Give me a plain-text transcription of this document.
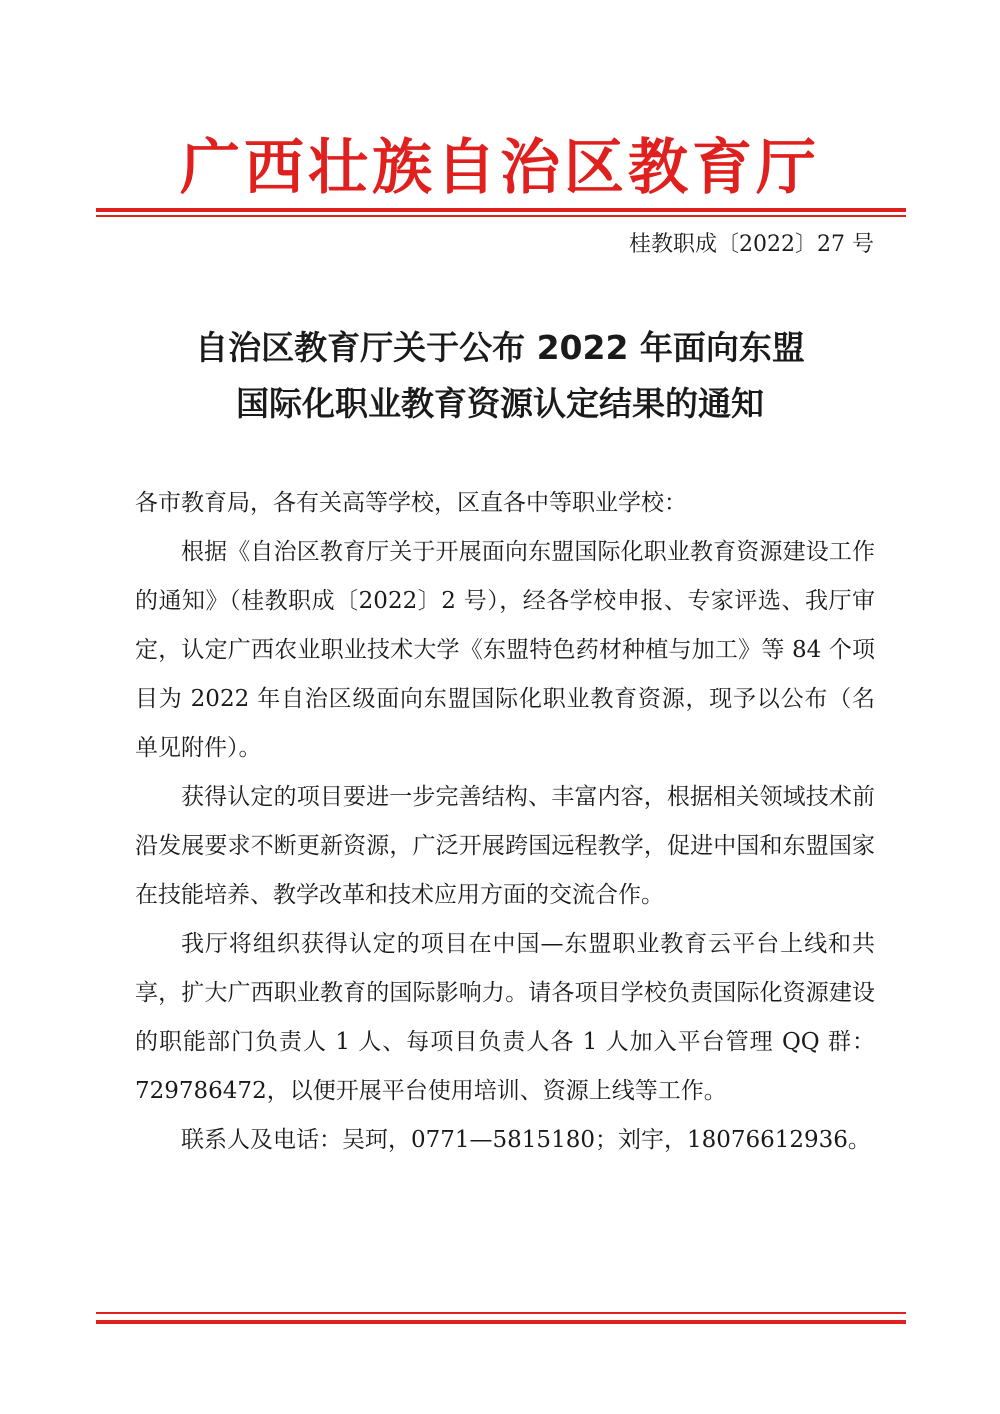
广西壮族自治区教育厅
桂教职成〔2022〕27 号
自治区教育厅关于公布 2022 年面向东盟
国际化职业教育资源认定结果的通知

各市教育局，各有关高等学校，区直各中等职业学校：

根据《自治区教育厅关于开展面向东盟国际化职业教育资源建设工作的通知》（桂教职成〔2022〕2 号），经各学校申报、专家评选、我厅审定，认定广西农业职业技术大学《东盟特色药材种植与加工》等 84 个项目为 2022 年自治区级面向东盟国际化职业教育资源，现予以公布（名单见附件）。

获得认定的项目要进一步完善结构、丰富内容，根据相关领域技术前沿发展要求不断更新资源，广泛开展跨国远程教学，促进中国和东盟国家在技能培养、教学改革和技术应用方面的交流合作。

我厅将组织获得认定的项目在中国—东盟职业教育云平台上线和共享，扩大广西职业教育的国际影响力。请各项目学校负责国际化资源建设的职能部门负责人 1 人、每项目负责人各 1 人加入平台管理 QQ 群：729786472，以便开展平台使用培训、资源上线等工作。

联系人及电话：吴珂，0771—5815180；刘宇，18076612936。
